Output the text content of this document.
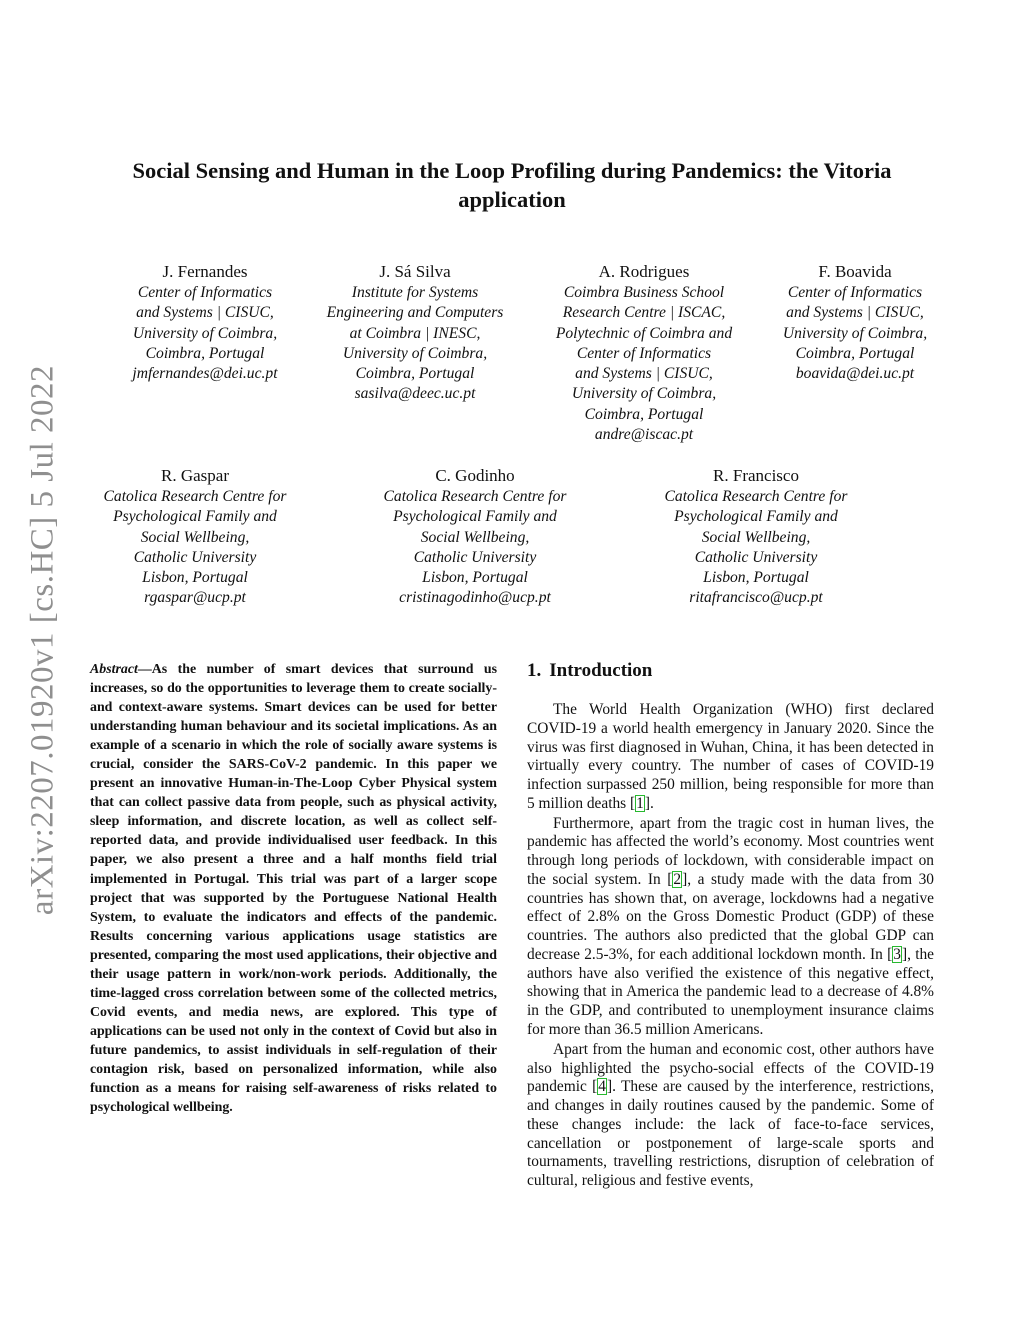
arXiv:2207.01920v1 [cs.HC] 5 Jul 2022
Social Sensing and Human in the Loop Profiling during Pandemics: the Vitoria application
J. Fernandes
Center of Informatics
and Systems | CISUC,
University of Coimbra,
Coimbra, Portugal
jmfernandes@dei.uc.pt
J. Sá Silva
Institute for Systems
Engineering and Computers
at Coimbra | INESC,
University of Coimbra,
Coimbra, Portugal
sasilva@deec.uc.pt
A. Rodrigues
Coimbra Business School
Research Centre | ISCAC,
Polytechnic of Coimbra and
Center of Informatics
and Systems | CISUC,
University of Coimbra,
Coimbra, Portugal
andre@iscac.pt
F. Boavida
Center of Informatics
and Systems | CISUC,
University of Coimbra,
Coimbra, Portugal
boavida@dei.uc.pt
R. Gaspar
Catolica Research Centre for
Psychological Family and
Social Wellbeing,
Catholic University
Lisbon, Portugal
rgaspar@ucp.pt
C. Godinho
Catolica Research Centre for
Psychological Family and
Social Wellbeing,
Catholic University
Lisbon, Portugal
cristinagodinho@ucp.pt
R. Francisco
Catolica Research Centre for
Psychological Family and
Social Wellbeing,
Catholic University
Lisbon, Portugal
ritafrancisco@ucp.pt

Abstract—As the number of smart devices that surround us increases, so do the opportunities to leverage them to create socially- and context-aware systems. Smart devices can be used for better understanding human behaviour and its societal implications. As an example of a scenario in which the role of socially aware systems is crucial, consider the SARS-CoV-2 pandemic. In this paper we present an innovative Human-in-The-Loop Cyber Physical system that can collect passive data from people, such as physical activity, sleep information, and discrete location, as well as collect self-reported data, and provide individualised user feedback. In this paper, we also present a three and a half months field trial implemented in Portugal. This trial was part of a larger scope project that was supported by the Portuguese National Health System, to evaluate the indicators and effects of the pandemic. Results concerning various applications usage statistics are presented, comparing the most used applications, their objective and their usage pattern in work/non-work periods. Additionally, the time-lagged cross correlation between some of the collected metrics, Covid events, and media news, are explored. This type of applications can be used not only in the context of Covid but also in future pandemics, to assist individuals in self-regulation of their contagion risk, based on personalized information, while also function as a means for raising self-awareness of risks related to psychological wellbeing.

1. Introduction

The World Health Organization (WHO) first declared COVID-19 a world health emergency in January 2020. Since the virus was first diagnosed in Wuhan, China, it has been detected in virtually every country. The number of cases of COVID-19 infection surpassed 250 million, being responsible for more than 5 million deaths [1].

Furthermore, apart from the tragic cost in human lives, the pandemic has affected the world’s economy. Most countries went through long periods of lockdown, with considerable impact on the social system. In [2], a study made with the data from 30 countries has shown that, on average, lockdowns had a negative effect of 2.8% on the Gross Domestic Product (GDP) of these countries. The authors also predicted that the global GDP can decrease 2.5-3%, for each additional lockdown month. In [3], the authors have also verified the existence of this negative effect, showing that in America the pandemic lead to a decrease of 4.8% in the GDP, and contributed to unemployment insurance claims for more than 36.5 million Americans.

Apart from the human and economic cost, other authors have also highlighted the psycho-social effects of the COVID-19 pandemic [4]. These are caused by the interference, restrictions, and changes in daily routines caused by the pandemic. Some of these changes include: the lack of face-to-face services, cancellation or postponement of large-scale sports and tournaments, travelling restrictions, disruption of celebration of cultural, religious and festive events,
